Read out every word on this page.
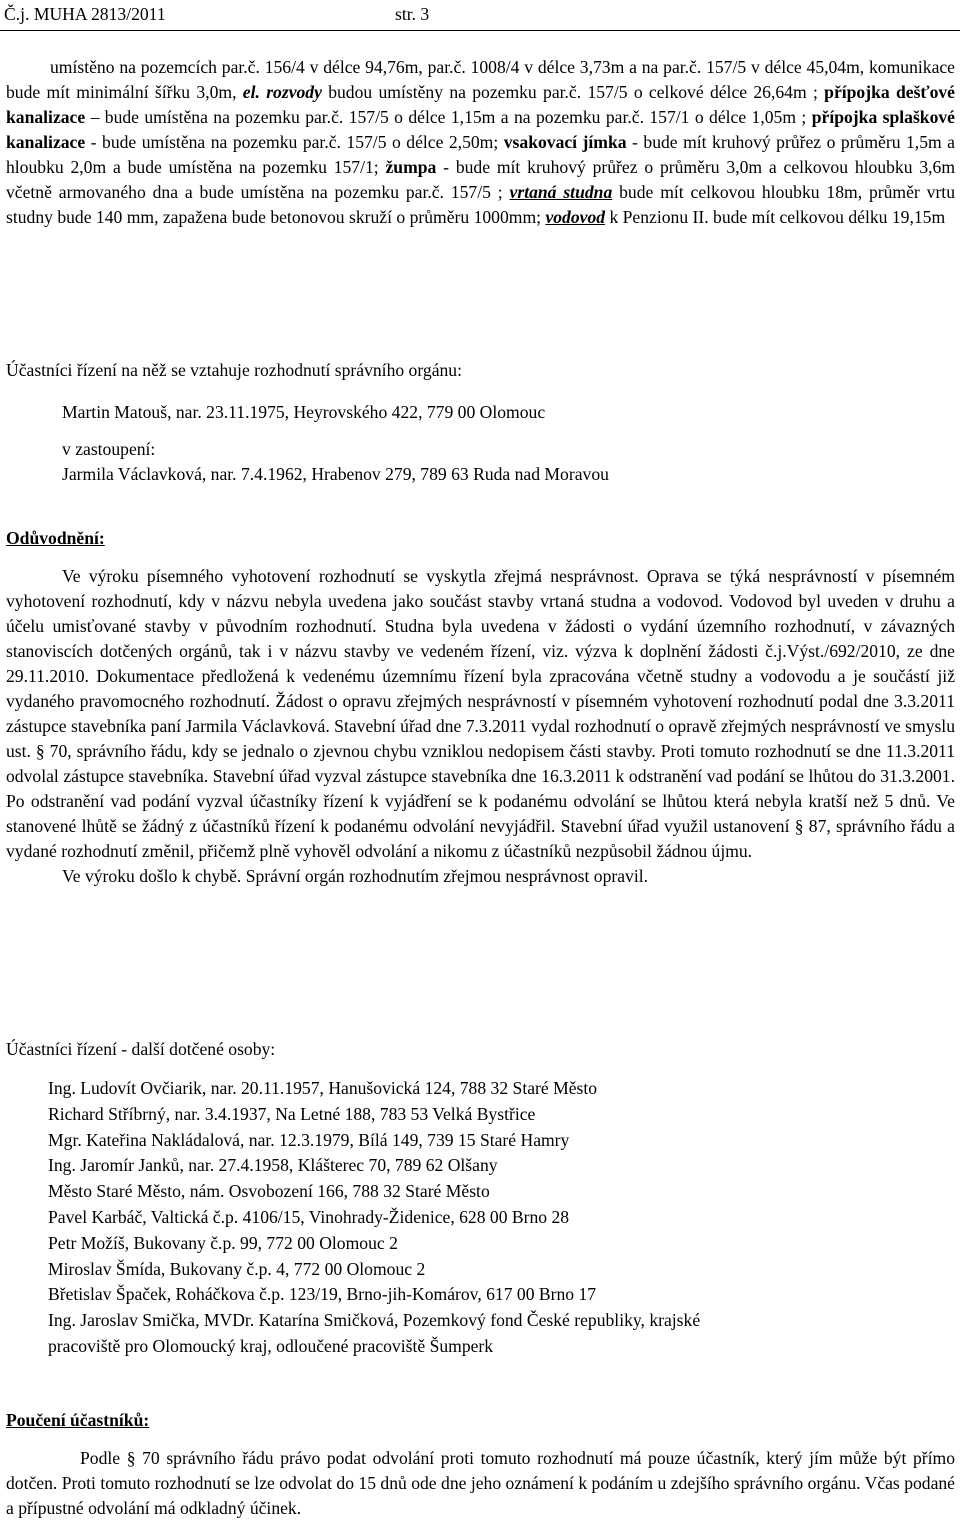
Č.j. MUHA 2813/2011	str. 3
umístěno na pozemcích par.č. 156/4 v délce 94,76m, par.č. 1008/4 v délce 3,73m a na par.č. 157/5 v délce 45,04m, komunikace bude mít minimální šířku 3,0m, el. rozvody budou umístěny na pozemku par.č. 157/5 o celkové délce 26,64m ; přípojka dešťové kanalizace – bude umístěna na pozemku par.č. 157/5 o délce 1,15m a na pozemku par.č. 157/1 o délce 1,05m ; přípojka splaškové kanalizace - bude umístěna na pozemku par.č. 157/5 o délce 2,50m; vsakovací jímka - bude mít kruhový průřez o průměru 1,5m a hloubku 2,0m a bude umístěna na pozemku 157/1; žumpa - bude mít kruhový průřez o průměru 3,0m a celkovou hloubku 3,6m včetně armovaného dna a bude umístěna na pozemku par.č. 157/5 ; vrtaná studna bude mít celkovou hloubku 18m, průměr vrtu studny bude 140 mm, zapažena bude betonovou skruží o průměru 1000mm; vodovod k Penzionu II. bude mít celkovou délku 19,15m
Účastníci řízení na něž se vztahuje rozhodnutí správního orgánu:
Martin Matouš, nar. 23.11.1975, Heyrovského 422, 779 00 Olomouc
v zastoupení:
Jarmila Václavková, nar. 7.4.1962, Hrabenov 279, 789 63 Ruda nad Moravou
Odůvodnění:

Ve výroku písemného vyhotovení rozhodnutí se vyskytla zřejmá nesprávnost. Oprava se týká nesprávností v písemném vyhotovení rozhodnutí, kdy v názvu nebyla uvedena jako součást stavby vrtaná studna a vodovod. Vodovod byl uveden v druhu a účelu umisťované stavby v původním rozhodnutí. Studna byla uvedena v žádosti o vydání územního rozhodnutí, v závazných stanoviscích dotčených orgánů, tak i v názvu stavby ve vedeném řízení, viz. výzva k doplnění žádosti č.j.Výst./692/2010, ze dne 29.11.2010. Dokumentace předložená k vedenému územnímu řízení byla zpracována včetně studny a vodovodu a je součástí již vydaného pravomocného rozhodnutí. Žádost o opravu zřejmých nesprávností v písemném vyhotovení rozhodnutí podal dne 3.3.2011 zástupce stavebníka paní Jarmila Václavková. Stavební úřad dne 7.3.2011 vydal rozhodnutí o opravě zřejmých nesprávností ve smyslu ust. § 70, správního řádu, kdy se jednalo o zjevnou chybu vzniklou nedopisem části stavby. Proti tomuto rozhodnutí se dne 11.3.2011 odvolal zástupce stavebníka. Stavební úřad vyzval zástupce stavebníka dne 16.3.2011 k odstranění vad podání se lhůtou do 31.3.2001. Po odstranění vad podání vyzval účastníky řízení k vyjádření se k podanému odvolání se lhůtou která nebyla kratší než 5 dnů. Ve stanovené lhůtě se žádný z účastníků řízení k podanému odvolání nevyjádřil. Stavební úřad využil ustanovení § 87, správního řádu a vydané rozhodnutí změnil, přičemž plně vyhověl odvolání a nikomu z účastníků nezpůsobil žádnou újmu.

Ve výroku došlo k chybě. Správní orgán rozhodnutím zřejmou nesprávnost opravil.

Účastníci řízení - další dotčené osoby:
Ing. Ludovít Ovčiarik, nar. 20.11.1957, Hanušovická 124, 788 32 Staré Město
Richard Stříbrný, nar. 3.4.1937, Na Letné 188, 783 53 Velká Bystřice
Mgr. Kateřina Nakládalová, nar. 12.3.1979, Bílá 149, 739 15 Staré Hamry
Ing. Jaromír Janků, nar. 27.4.1958, Klášterec 70, 789 62 Olšany
Město Staré Město, nám. Osvobození 166, 788 32 Staré Město
Pavel Karbáč, Valtická č.p. 4106/15, Vinohrady-Židenice, 628 00 Brno 28
Petr Možíš, Bukovany č.p. 99, 772 00 Olomouc 2
Miroslav Šmída, Bukovany č.p. 4, 772 00 Olomouc 2
Břetislav Špaček, Roháčkova č.p. 123/19, Brno-jih-Komárov, 617 00 Brno 17
Ing. Jaroslav Smička, MVDr. Katarína Smičková, Pozemkový fond České republiky, krajské
pracoviště pro Olomoucký kraj, odloučené pracoviště Šumperk
Poučení účastníků:
Podle § 70 správního řádu právo podat odvolání proti tomuto rozhodnutí má pouze účastník, který jím může být přímo dotčen. Proti tomuto rozhodnutí se lze odvolat do 15 dnů ode dne jeho oznámení k podáním u zdejšího správního orgánu. Včas podané a přípustné odvolání má odkladný účinek.
